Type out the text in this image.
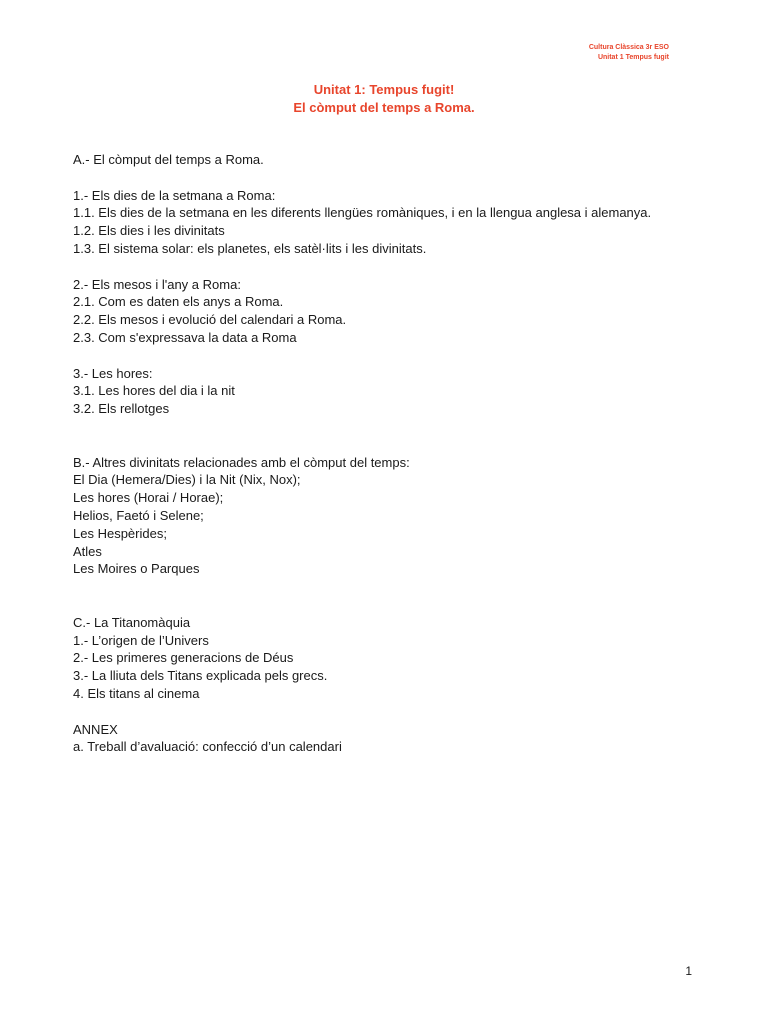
Cultura Clàssica 3r ESO
Unitat 1 Tempus fugit
Unitat 1: Tempus fugit!
El còmput del temps a Roma.
A.- El còmput del temps a Roma.
1.- Els dies de la setmana a Roma:
1.1. Els dies de la setmana en les diferents llengües romàniques, i en la llengua anglesa i alemanya.
1.2. Els dies i les divinitats
1.3. El sistema solar: els planetes, els satèl·lits i les divinitats.
2.- Els mesos i l'any a Roma:
2.1. Com es daten els anys a Roma.
2.2. Els mesos i evolució del calendari a Roma.
2.3. Com s'expressava la data a Roma
3.- Les hores:
3.1. Les hores del dia i la nit
3.2. Els rellotges
B.- Altres divinitats relacionades amb el còmput del temps:
El Dia (Hemera/Dies) i la Nit (Nix, Nox);
Les hores (Horai / Horae);
Helios, Faetó i Selene;
Les Hespèrides;
Atles
Les Moires o Parques
C.- La Titanomàquia
1.- L’origen de l’Univers
2.- Les primeres generacions de Déus
3.- La lliuta dels Titans explicada pels grecs.
4. Els titans al cinema
ANNEX
a. Treball d’avaluació: confecció d’un calendari
1
